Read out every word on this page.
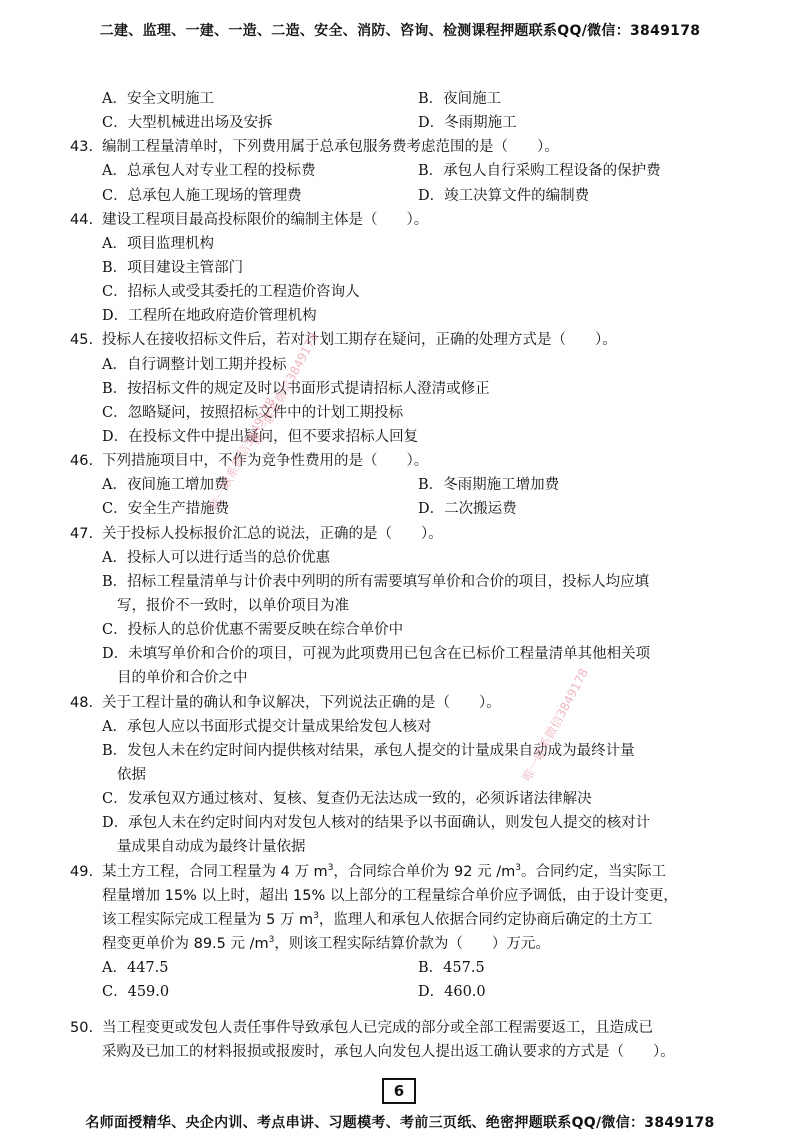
二建、监理、一建、一造、二造、安全、消防、咨询、检测课程押题联系QQ/微信：3849178
A．安全文明施工	B．夜间施工
C．大型机械进出场及安拆	D．冬雨期施工
43. 编制工程量清单时，下列费用属于总承包服务费考虑范围的是（　　）。
A．总承包人对专业工程的投标费	B．承包人自行采购工程设备的保护费
C．总承包人施工现场的管理费	D．竣工决算文件的编制费
44. 建设工程项目最高投标限价的编制主体是（　　）。
A．项目监理机构
B．项目建设主管部门
C．招标人或受其委托的工程造价咨询人
D．工程所在地政府造价管理机构
45. 投标人在接收招标文件后，若对计划工期存在疑问，正确的处理方式是（　　）。
A．自行调整计划工期并投标
B．按招标文件的规定及时以书面形式提请招标人澄清或修正
C．忽略疑问，按照招标文件中的计划工期投标
D．在投标文件中提出疑问，但不要求招标人回复
46. 下列措施项目中，不作为竞争性费用的是（　　）。
A．夜间施工增加费	B．冬雨期施工增加费
C．安全生产措施费	D．二次搬运费
47. 关于投标人投标报价汇总的说法，正确的是（　　）。
A．投标人可以进行适当的总价优惠
B．招标工程量清单与计价表中列明的所有需要填写单价和合价的项目，投标人均应填
写，报价不一致时，以单价项目为准
C．投标人的总价优惠不需要反映在综合单价中
D．未填写单价和合价的项目，可视为此项费用已包含在已标价工程量清单其他相关项
目的单价和合价之中
48. 关于工程计量的确认和争议解决，下列说法正确的是（　　）。
A．承包人应以书面形式提交计量成果给发包人核对
B．发包人未在约定时间内提供核对结果，承包人提交的计量成果自动成为最终计量
依据
C．发承包双方通过核对、复核、复查仍无法达成一致的，必须诉诸法律解决
D．承包人未在约定时间内对发包人核对的结果予以书面确认，则发包人提交的核对计
量成果自动成为最终计量依据
49. 某土方工程，合同工程量为 4 万 $m^3$，合同综合单价为 92 元 $/m^3$。合同约定，当实际工
程量增加 15% 以上时，超出 15% 以上部分的工程量综合单价应予调低，由于设计变更，
该工程实际完成工程量为 5 万 $m^3$，监理人和承包人依据合同约定协商后确定的土方工
程变更单价为 89.5 元 $/m^3$，则该工程实际结算价款为（　　）万元。
A．447.5	B．457.5
C．459.0	D．460.0
50. 当工程变更或发包人责任事件导致承包人已完成的部分或全部工程需要返工，且造成已
采购及已加工的材料报损或报废时，承包人向发包人提出返工确认要求的方式是（　　）。
唯一联系微信3849178
唯一联系微信3849178
唯一联系微信3849178
6
名师面授精华、央企内训、考点串讲、习题模考、考前三页纸、绝密押题联系QQ/微信：3849178
